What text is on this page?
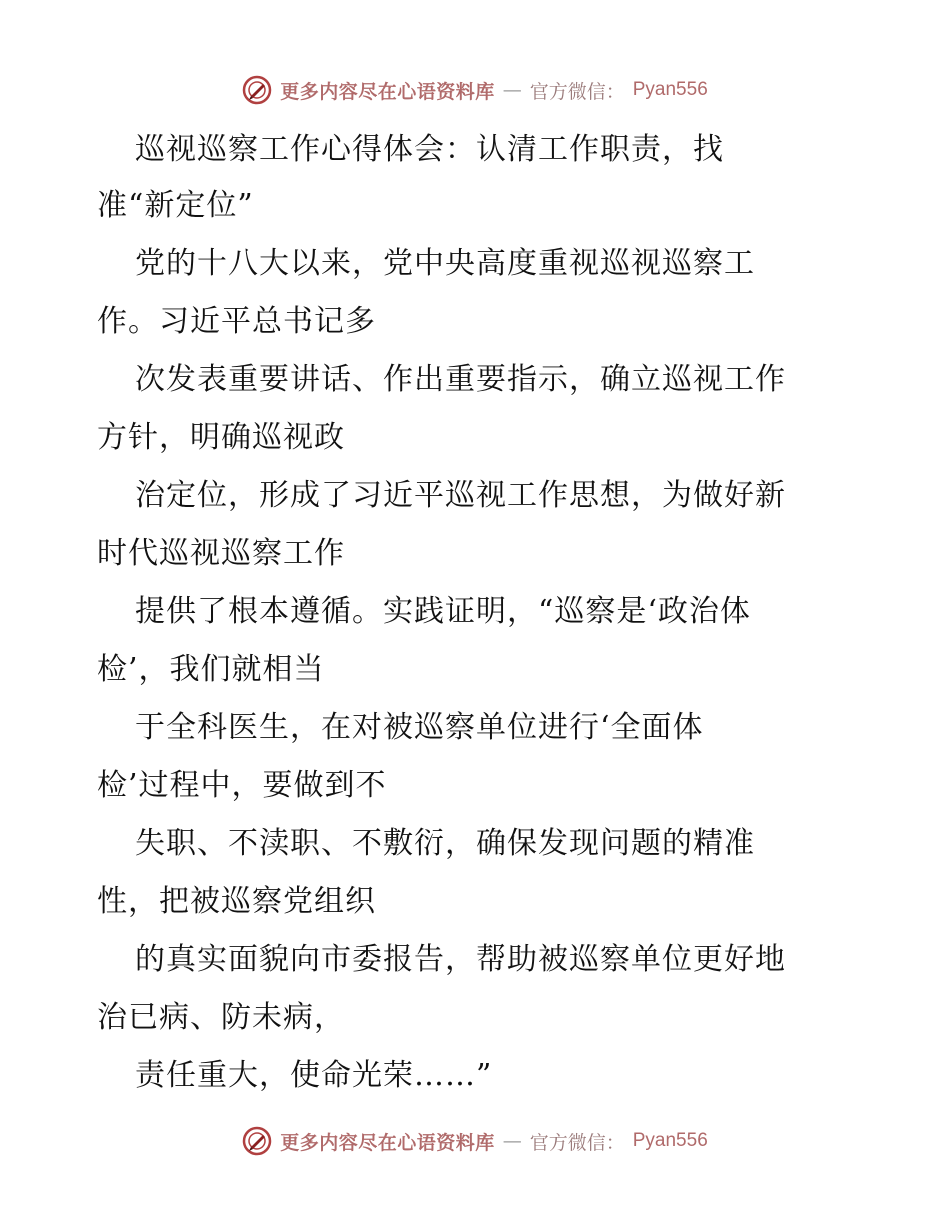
更多内容尽在心语资料库 — 官方微信： Pyan556
巡视巡察工作心得体会：认清工作职责，找
准“新定位”
党的十八大以来，党中央高度重视巡视巡察工
作。习近平总书记多
次发表重要讲话、作出重要指示，确立巡视工作
方针，明确巡视政
治定位，形成了习近平巡视工作思想，为做好新
时代巡视巡察工作
提供了根本遵循。实践证明，“巡察是‘政治体
检’，我们就相当
于全科医生，在对被巡察单位进行‘全面体
检’过程中，要做到不
失职、不渎职、不敷衍，确保发现问题的精准
性，把被巡察党组织
的真实面貌向市委报告，帮助被巡察单位更好地
治已病、防未病，
责任重大，使命光荣……”
更多内容尽在心语资料库 — 官方微信： Pyan556
